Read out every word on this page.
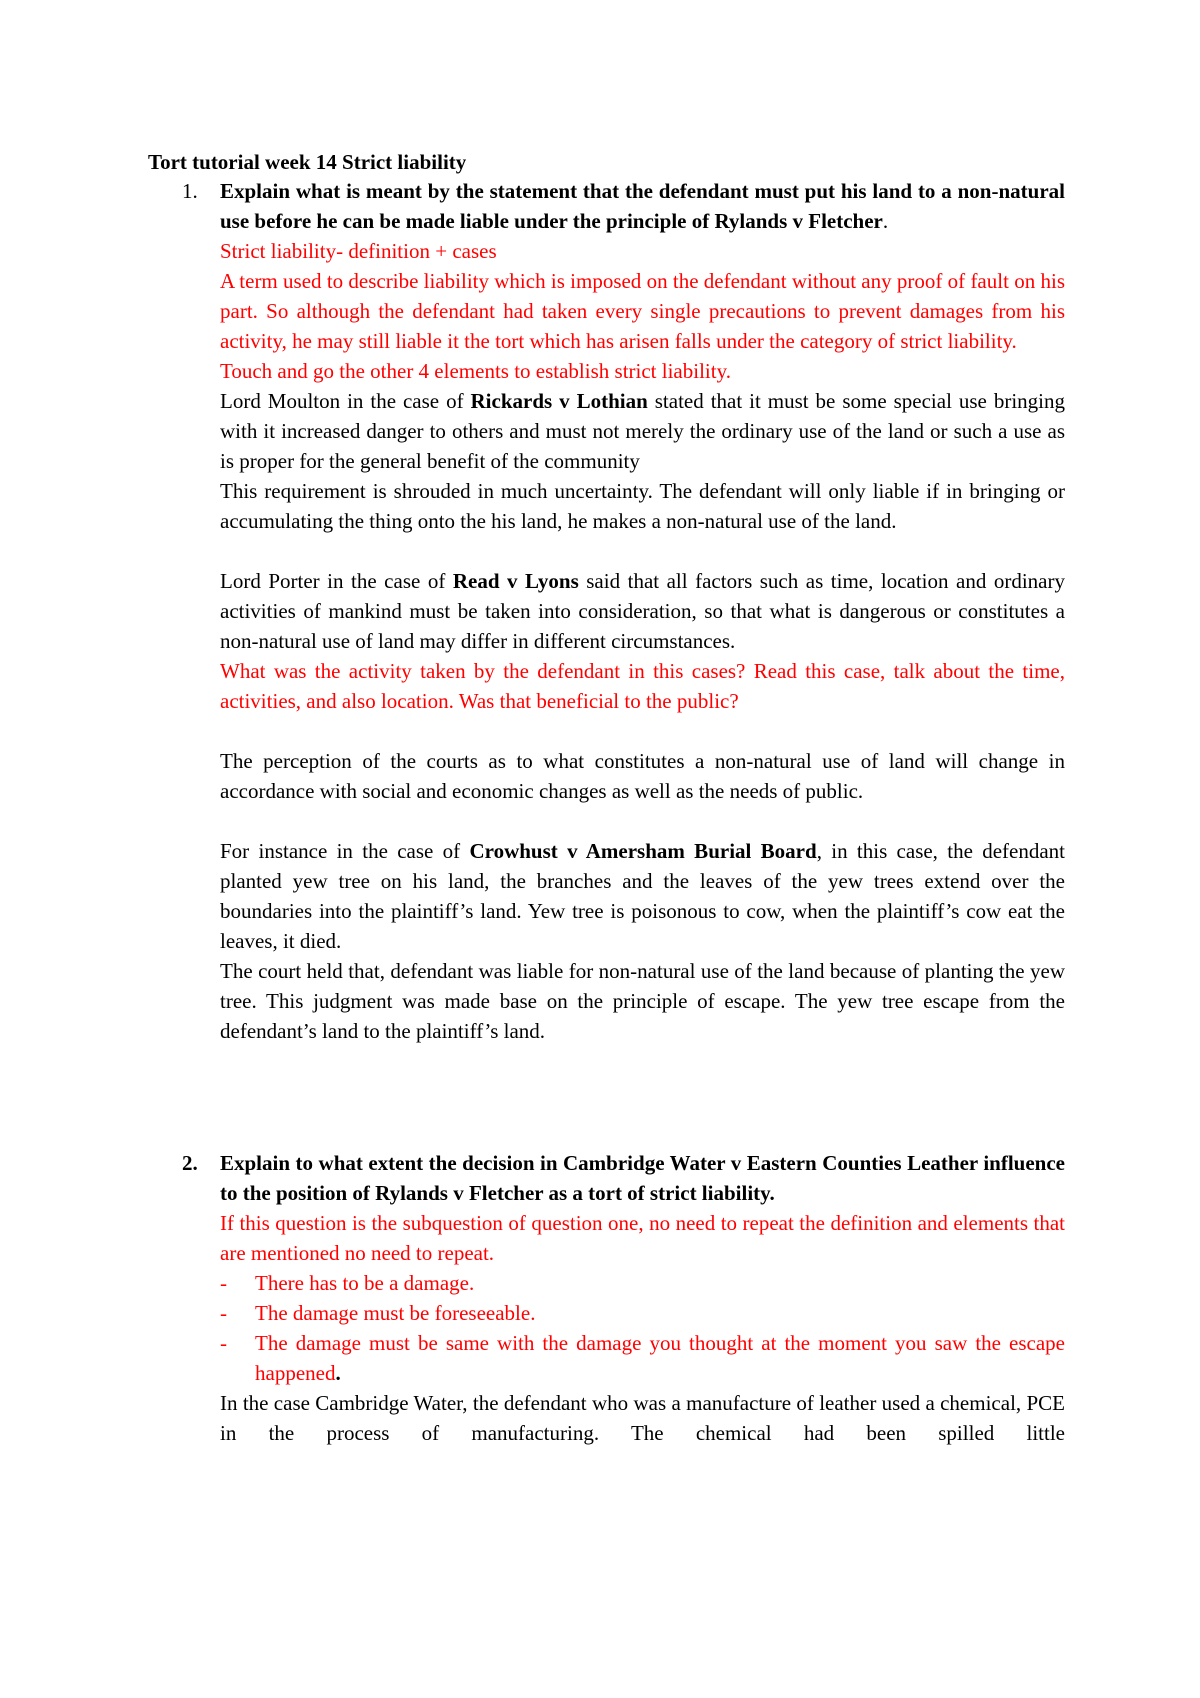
Tort tutorial week 14 Strict liability
1. Explain what is meant by the statement that the defendant must put his land to a non-natural use before he can be made liable under the principle of Rylands v Fletcher.

Strict liability- definition + cases

A term used to describe liability which is imposed on the defendant without any proof of fault on his part. So although the defendant had taken every single precautions to prevent damages from his activity, he may still liable it the tort which has arisen falls under the category of strict liability.

Touch and go the other 4 elements to establish strict liability.

Lord Moulton in the case of Rickards v Lothian stated that it must be some special use bringing with it increased danger to others and must not merely the ordinary use of the land or such a use as is proper for the general benefit of the community

This requirement is shrouded in much uncertainty. The defendant will only liable if in bringing or accumulating the thing onto the his land, he makes a non-natural use of the land.

Lord Porter in the case of Read v Lyons said that all factors such as time, location and ordinary activities of mankind must be taken into consideration, so that what is dangerous or constitutes a non-natural use of land may differ in different circumstances.

What was the activity taken by the defendant in this cases? Read this case, talk about the time, activities, and also location. Was that beneficial to the public?

The perception of the courts as to what constitutes a non-natural use of land will change in accordance with social and economic changes as well as the needs of public.

For instance in the case of Crowhust v Amersham Burial Board, in this case, the defendant planted yew tree on his land, the branches and the leaves of the yew trees extend over the boundaries into the plaintiff’s land. Yew tree is poisonous to cow, when the plaintiff’s cow eat the leaves, it died.

The court held that, defendant was liable for non-natural use of the land because of planting the yew tree. This judgment was made base on the principle of escape. The yew tree escape from the defendant’s land to the plaintiff’s land.

2. Explain to what extent the decision in Cambridge Water v Eastern Counties Leather influence to the position of Rylands v Fletcher as a tort of strict liability.

If this question is the subquestion of question one, no need to repeat the definition and elements that are mentioned no need to repeat.

- There has to be a damage.
- The damage must be foreseeable.
- The damage must be same with the damage you thought at the moment you saw the escape happened.

In the case Cambridge Water, the defendant who was a manufacture of leather used a chemical, PCE in the process of manufacturing. The chemical had been spilled little
